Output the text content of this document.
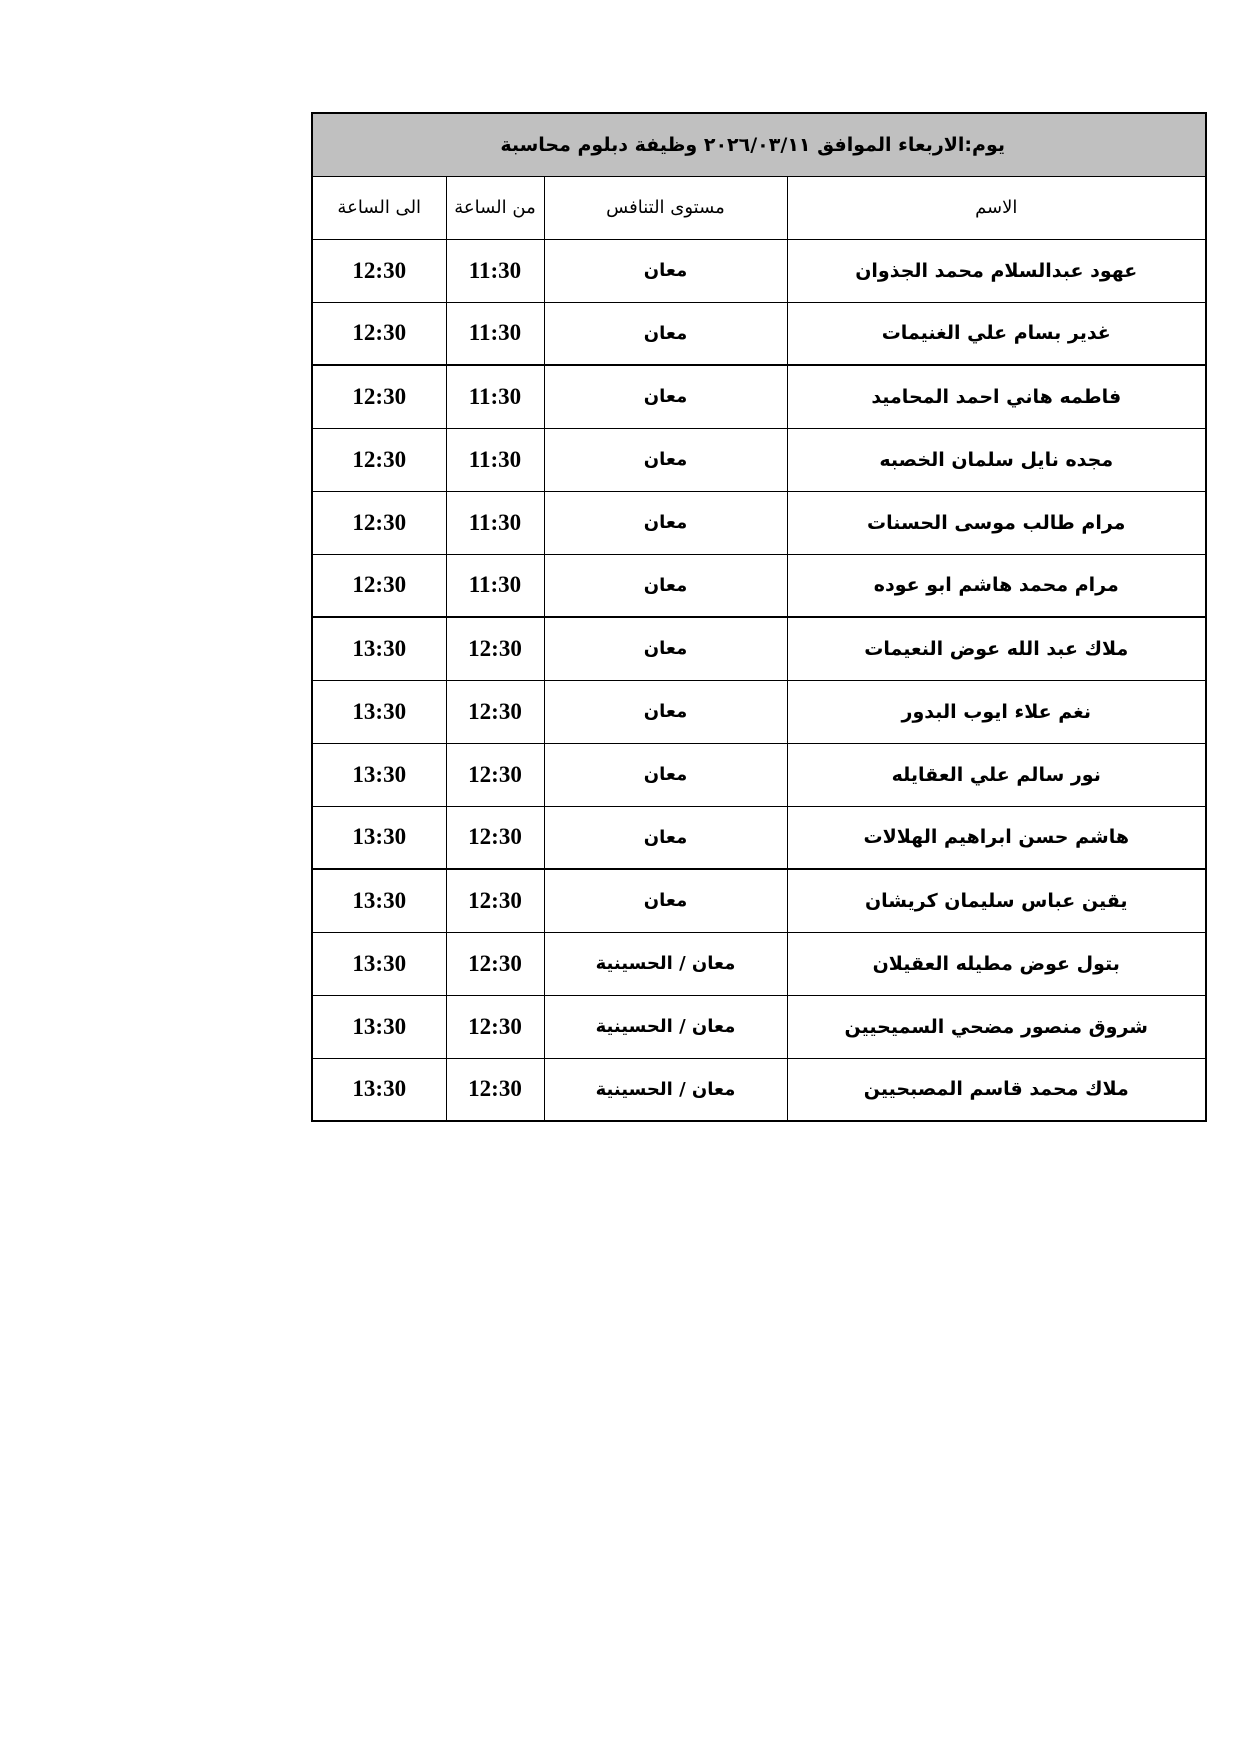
يوم:الاربعاء الموافق ٢٠٢٦/٠٣/١١ وظيفة دبلوم محاسبة			
الاسم	مستوى التنافس	من الساعة	الى الساعة
عهود عبدالسلام محمد الجذوان	معان	11:30	12:30
غدير بسام علي الغنيمات	معان	11:30	12:30
فاطمه هاني احمد المحاميد	معان	11:30	12:30
مجده نايل سلمان الخصبه	معان	11:30	12:30
مرام طالب موسى الحسنات	معان	11:30	12:30
مرام محمد هاشم ابو عوده	معان	11:30	12:30
ملاك عبد الله عوض النعيمات	معان	12:30	13:30
نغم علاء ايوب البدور	معان	12:30	13:30
نور سالم علي العقايله	معان	12:30	13:30
هاشم حسن ابراهيم الهلالات	معان	12:30	13:30
يقين عباس سليمان كريشان	معان	12:30	13:30
بتول عوض مطيله العقيلان	معان / الحسينية	12:30	13:30
شروق منصور مضحي السميحيين	معان / الحسينية	12:30	13:30
ملاك محمد قاسم المصبحيين	معان / الحسينية	12:30	13:30
